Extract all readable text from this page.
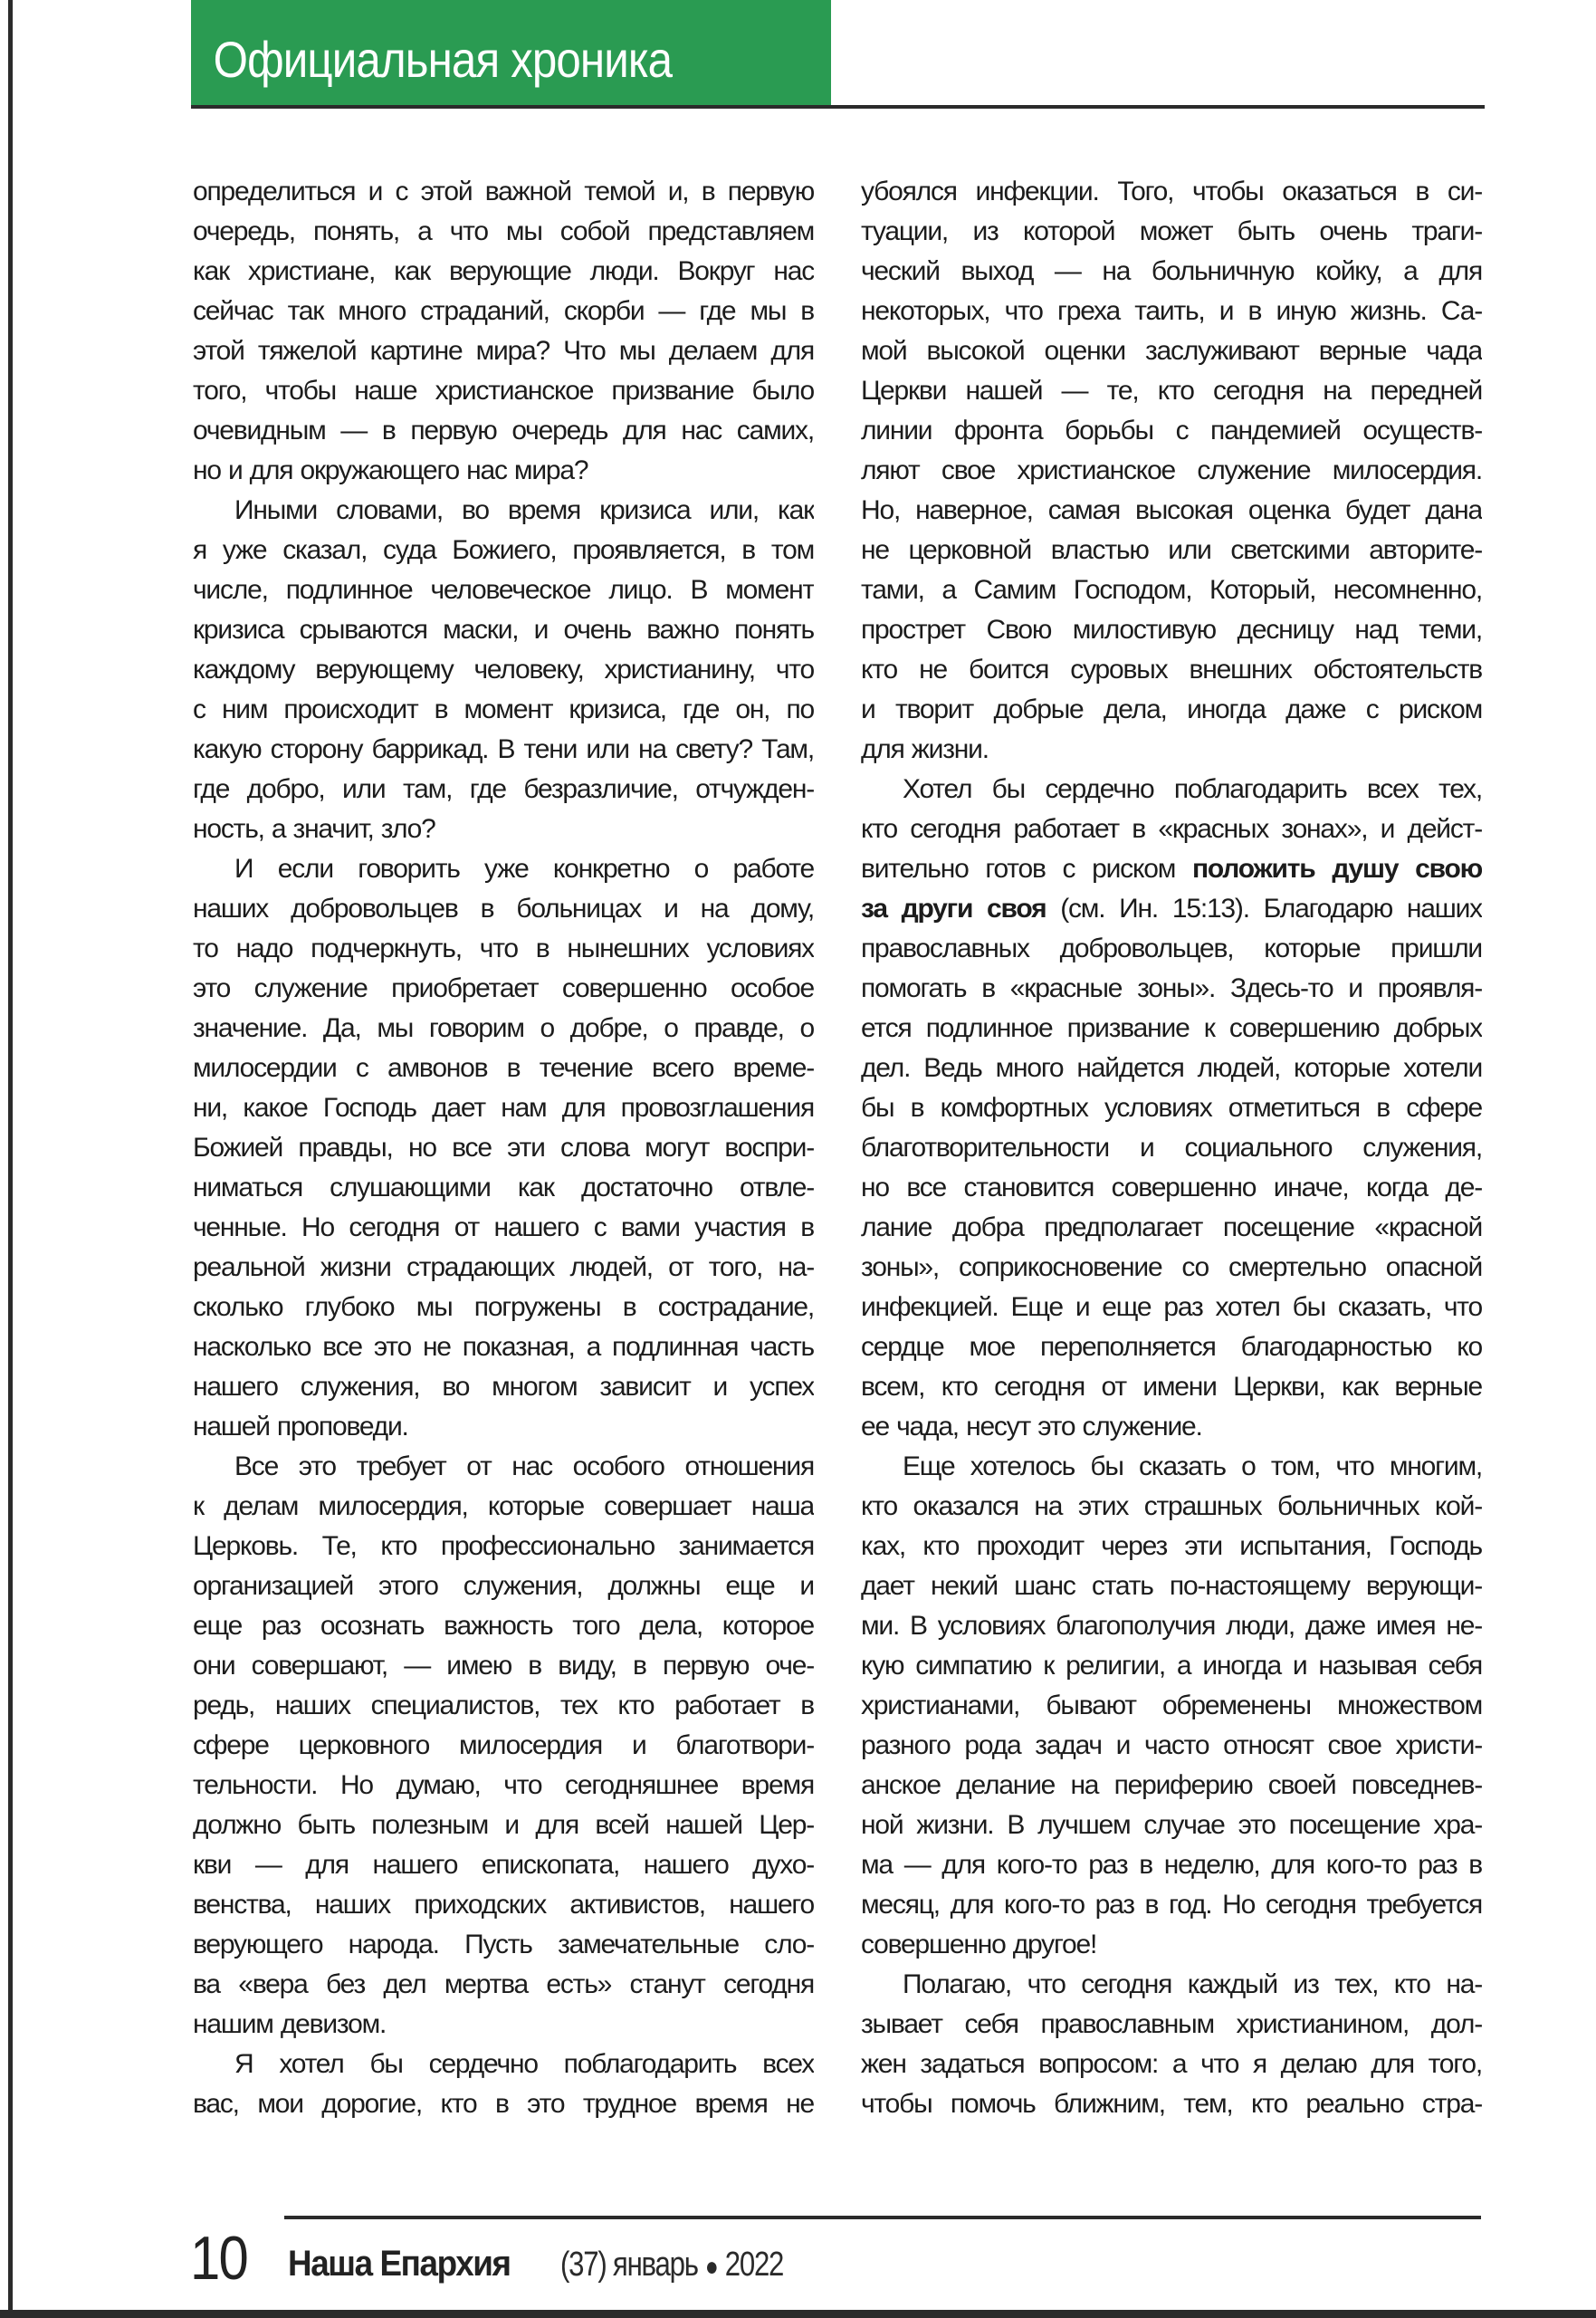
Официальная хроника
определиться и с этой важной темой и, в первую
очередь, понять, а что мы собой представляем
как христиане, как верующие люди. Вокруг нас
сейчас так много страданий, скорби — где мы в
этой тяжелой картине мира? Что мы делаем для
того, чтобы наше христианское призвание было
очевидным — в первую очередь для нас самих,
но и для окружающего нас мира?
Иными словами, во время кризиса или, как
я уже сказал, суда Божиего, проявляется, в том
числе, подлинное человеческое лицо. В момент
кризиса срываются маски, и очень важно понять
каждому верующему человеку, христианину, что
с ним происходит в момент кризиса, где он, по
какую сторону баррикад. В тени или на свету? Там,
где добро, или там, где безразличие, отчужден-
ность, а значит, зло?
И если говорить уже конкретно о работе
наших добровольцев в больницах и на дому,
то надо подчеркнуть, что в нынешних условиях
это служение приобретает совершенно особое
значение. Да, мы говорим о добре, о правде, о
милосердии с амвонов в течение всего време-
ни, какое Господь дает нам для провозглашения
Божией правды, но все эти слова могут воспри-
ниматься слушающими как достаточно отвле-
ченные. Но сегодня от нашего с вами участия в
реальной жизни страдающих людей, от того, на-
сколько глубоко мы погружены в сострадание,
насколько все это не показная, а подлинная часть
нашего служения, во многом зависит и успех
нашей проповеди.
Все это требует от нас особого отношения
к делам милосердия, которые совершает наша
Церковь. Те, кто профессионально занимается
организацией этого служения, должны еще и
еще раз осознать важность того дела, которое
они совершают, — имею в виду, в первую оче-
редь, наших специалистов, тех кто работает в
сфере церковного милосердия и благотвори-
тельности. Но думаю, что сегодняшнее время
должно быть полезным и для всей нашей Цер-
кви — для нашего епископата, нашего духо-
венства, наших приходских активистов, нашего
верующего народа. Пусть замечательные сло-
ва «вера без дел мертва есть» станут сегодня
нашим девизом.
Я хотел бы сердечно поблагодарить всех
вас, мои дорогие, кто в это трудное время не
убоялся инфекции. Того, чтобы оказаться в си-
туации, из которой может быть очень траги-
ческий выход — на больничную койку, а для
некоторых, что греха таить, и в иную жизнь. Са-
мой высокой оценки заслуживают верные чада
Церкви нашей — те, кто сегодня на передней
линии фронта борьбы с пандемией осуществ-
ляют свое христианское служение милосердия.
Но, наверное, самая высокая оценка будет дана
не церковной властью или светскими авторите-
тами, а Самим Господом, Который, несомненно,
прострет Свою милостивую десницу над теми,
кто не боится суровых внешних обстоятельств
и творит добрые дела, иногда даже с риском
для жизни.
Хотел бы сердечно поблагодарить всех тех,
кто сегодня работает в «красных зонах», и дейст-
вительно готов с риском положить душу свою
за други своя (см. Ин. 15:13). Благодарю наших
православных добровольцев, которые пришли
помогать в «красные зоны». Здесь-то и проявля-
ется подлинное призвание к совершению добрых
дел. Ведь много найдется людей, которые хотели
бы в комфортных условиях отметиться в сфере
благотворительности и социального служения,
но все становится совершенно иначе, когда де-
лание добра предполагает посещение «красной
зоны», соприкосновение со смертельно опасной
инфекцией. Еще и еще раз хотел бы сказать, что
сердце мое переполняется благодарностью ко
всем, кто сегодня от имени Церкви, как верные
ее чада, несут это служение.
Еще хотелось бы сказать о том, что многим,
кто оказался на этих страшных больничных кой-
ках, кто проходит через эти испытания, Господь
дает некий шанс стать по-настоящему верующи-
ми. В условиях благополучия люди, даже имея не-
кую симпатию к религии, а иногда и называя себя
христианами, бывают обременены множеством
разного рода задач и часто относят свое христи-
анское делание на периферию своей повседнев-
ной жизни. В лучшем случае это посещение хра-
ма — для кого-то раз в неделю, для кого-то раз в
месяц, для кого-то раз в год. Но сегодня требуется
совершенно другое!
Полагаю, что сегодня каждый из тех, кто на-
зывает себя православным христианином, дол-
жен задаться вопросом: а что я делаю для того,
чтобы помочь ближним, тем, кто реально стра-
10 Наша Епархия (37) январь ● 2022
